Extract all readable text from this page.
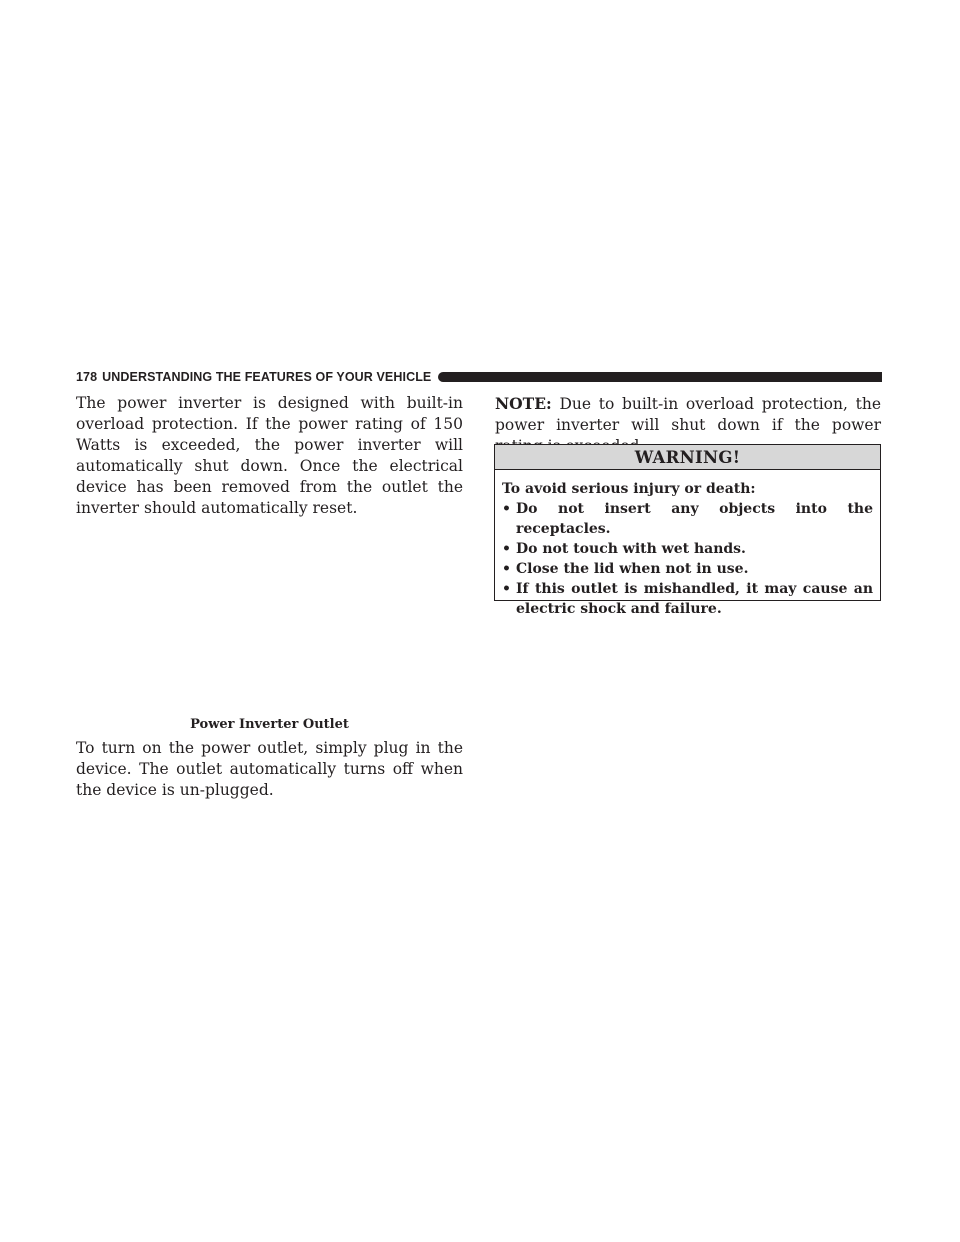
178 UNDERSTANDING THE FEATURES OF YOUR VEHICLE

The power inverter is designed with built-in overload protection. If the power rating of 150 Watts is exceeded, the power inverter will automatically shut down. Once the electrical device has been removed from the outlet the inverter should automatically reset.

Power Inverter Outlet

To turn on the power outlet, simply plug in the device. The outlet automatically turns off when the device is un-plugged.

NOTE: Due to built-in overload protection, the power inverter will shut down if the power

WARNING!

To avoid serious injury or death:

• Do not insert any objects into the receptacles.
• Do not touch with wet hands.
• Close the lid when not in use.
• If this outlet is mishandled, it may cause an electric shock and failure.
